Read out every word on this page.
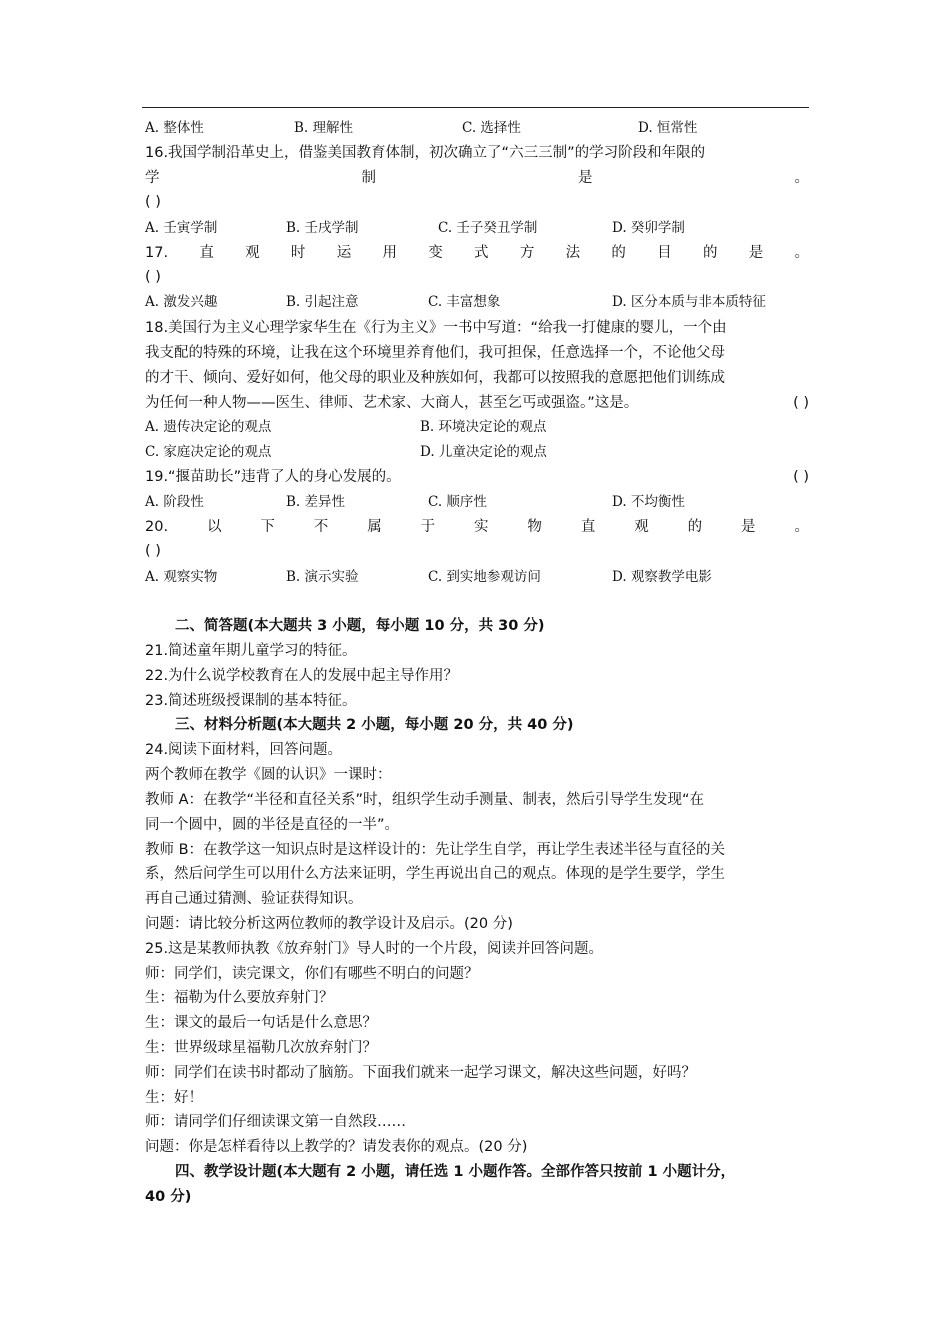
A. 整体性	B. 理解性	C. 选择性	D. 恒常性
16.我国学制沿革史上，借鉴美国教育体制，初次确立了“六三三制”的学习阶段和年限的
学	制	是	。
( )
A. 壬寅学制	B. 壬戌学制	C. 壬子癸丑学制	D. 癸卯学制
17. 直 观 时 运 用 变 式 方 法 的 目 的 是 。
( )
A. 激发兴趣	B. 引起注意	C. 丰富想象	D. 区分本质与非本质特征
18.美国行为主义心理学家华生在《行为主义》一书中写道：“给我一打健康的婴儿，一个由
我支配的特殊的环境，让我在这个环境里养育他们，我可担保，任意选择一个，不论他父母
的才干、倾向、爱好如何，他父母的职业及种族如何，我都可以按照我的意愿把他们训练成
为任何一种人物——医生、律师、艺术家、大商人，甚至乞丐或强盗。”这是。	( )
A. 遗传决定论的观点	B. 环境决定论的观点
C. 家庭决定论的观点	D. 儿童决定论的观点
19.“揠苗助长”违背了人的身心发展的。	( )
A. 阶段性	B. 差异性	C. 顺序性	D. 不均衡性
20.	以	下	不	属	于	实	物	直	观	的	是	。
( )
A. 观察实物	B. 演示实验	C. 到实地参观访问	D. 观察教学电影
二、简答题(本大题共 3 小题，每小题 10 分，共 30 分)
21.简述童年期儿童学习的特征。
22.为什么说学校教育在人的发展中起主导作用？
23.简述班级授课制的基本特征。
三、材料分析题(本大题共 2 小题，每小题 20 分，共 40 分)
24.阅读下面材料，回答问题。
两个教师在教学《圆的认识》一课时：
教师 A：在教学“半径和直径关系”时，组织学生动手测量、制表，然后引导学生发现“在
同一个圆中，圆的半径是直径的一半”。
教师 B：在教学这一知识点时是这样设计的：先让学生自学，再让学生表述半径与直径的关
系，然后问学生可以用什么方法来证明，学生再说出自己的观点。体现的是学生要学，学生
再自己通过猜测、验证获得知识。
问题：请比较分析这两位教师的教学设计及启示。(20 分)
25.这是某教师执教《放弃射门》导人时的一个片段，阅读并回答问题。
师：同学们，读完课文，你们有哪些不明白的问题？
生：福勒为什么要放弃射门？
生：课文的最后一句话是什么意思？
生：世界级球星福勒几次放弃射门？
师：同学们在读书时都动了脑筋。下面我们就来一起学习课文，解决这些问题，好吗？
生：好！
师：请同学们仔细读课文第一自然段……
问题：你是怎样看待以上教学的？请发表你的观点。(20 分)
四、教学设计题(本大题有 2 小题，请任选 1 小题作答。全部作答只按前 1 小题计分，
40 分)
